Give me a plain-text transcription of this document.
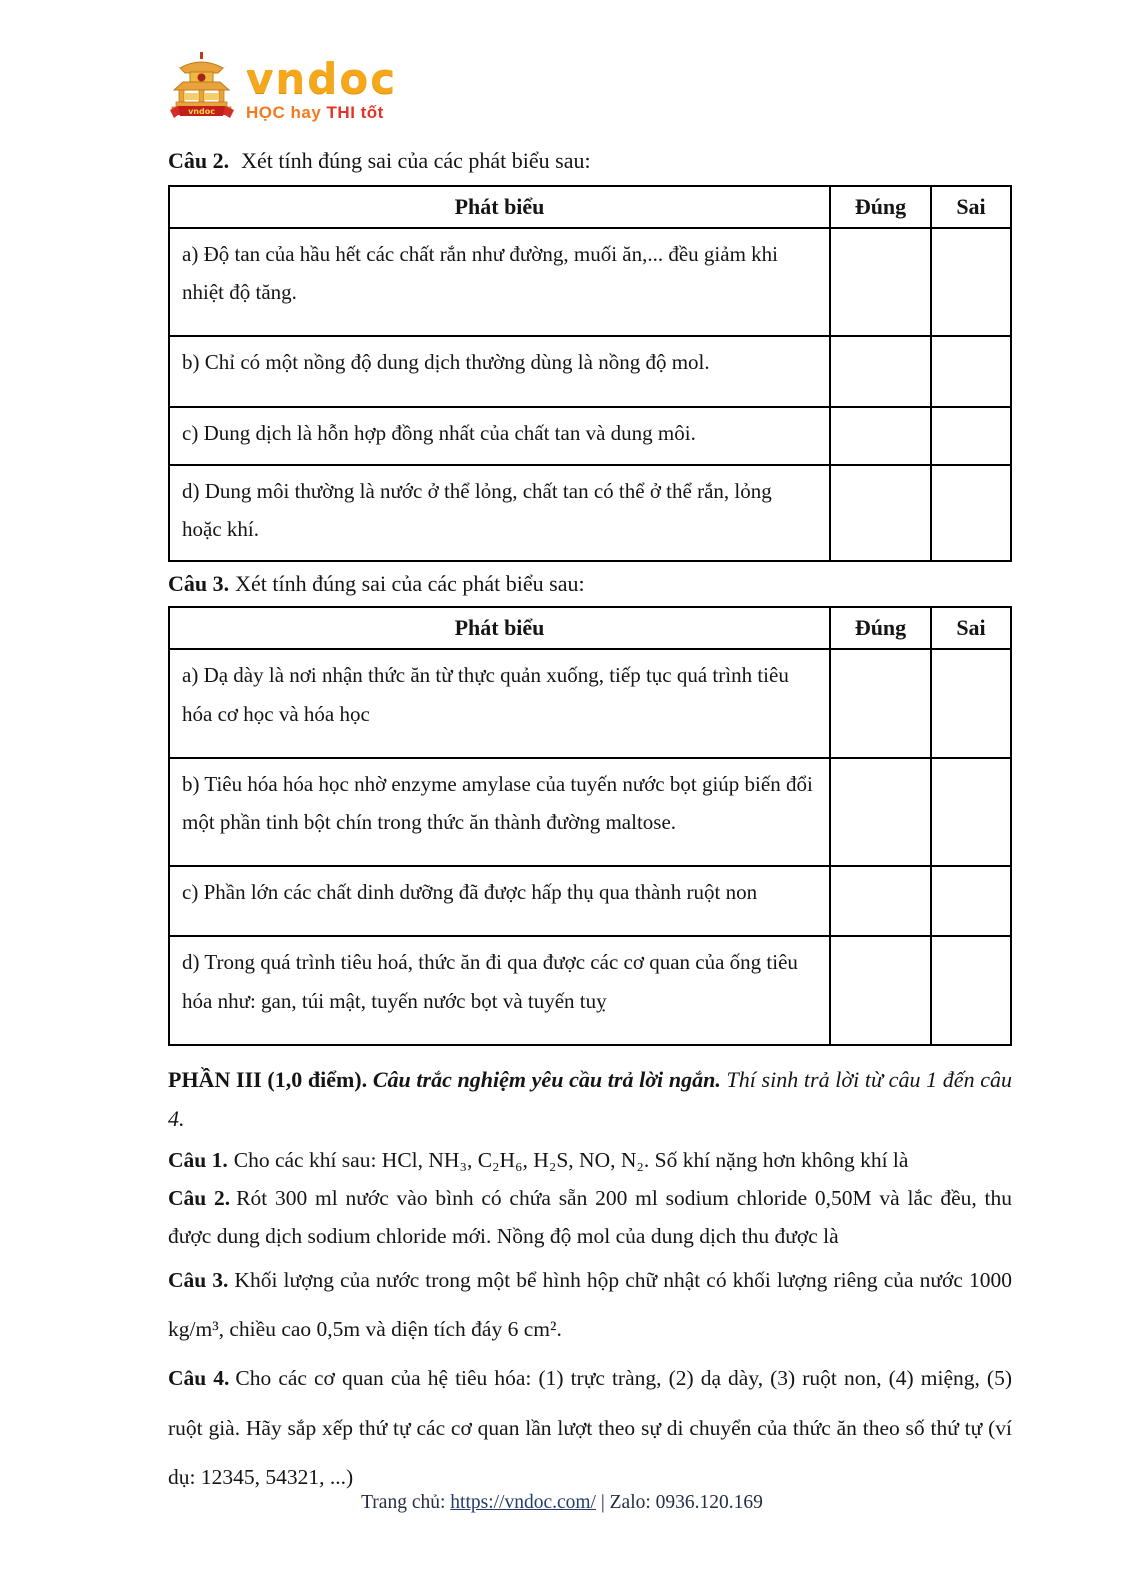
vndoc
vndoc
HỌC hay THI tốt

Câu 2. Xét tính đúng sai của các phát biểu sau:

Phát biểu	Đúng	Sai
a) Độ tan của hầu hết các chất rắn như đường, muối ăn,... đều giảm khi nhiệt độ tăng.		
b) Chỉ có một nồng độ dung dịch thường dùng là nồng độ mol.		
c) Dung dịch là hỗn hợp đồng nhất của chất tan và dung môi.		
d) Dung môi thường là nước ở thể lỏng, chất tan có thể ở thể rắn, lỏng hoặc khí.		

Câu 3. Xét tính đúng sai của các phát biểu sau:

Phát biểu	Đúng	Sai
a) Dạ dày là nơi nhận thức ăn từ thực quản xuống, tiếp tục quá trình tiêu hóa cơ học và hóa học		
b) Tiêu hóa hóa học nhờ enzyme amylase của tuyến nước bọt giúp biến đổi một phần tinh bột chín trong thức ăn thành đường maltose.		
c) Phần lớn các chất dinh dưỡng đã được hấp thụ qua thành ruột non		
d) Trong quá trình tiêu hoá, thức ăn đi qua được các cơ quan của ống tiêu hóa như: gan, túi mật, tuyến nước bọt và tuyến tuỵ		

PHẦN III (1,0 điểm). Câu trắc nghiệm yêu cầu trả lời ngắn. Thí sinh trả lời từ câu 1 đến câu 4.

Câu 1. Cho các khí sau: HCl, NH₃, C₂H₆, H₂S, NO, N₂. Số khí nặng hơn không khí là

Câu 2. Rót 300 ml nước vào bình có chứa sẵn 200 ml sodium chloride 0,50M và lắc đều, thu được dung dịch sodium chloride mới. Nồng độ mol của dung dịch thu được là

Câu 3. Khối lượng của nước trong một bể hình hộp chữ nhật có khối lượng riêng của nước 1000 kg/m³, chiều cao 0,5m và diện tích đáy 6 cm².

Câu 4. Cho các cơ quan của hệ tiêu hóa: (1) trực tràng, (2) dạ dày, (3) ruột non, (4) miệng, (5) ruột già. Hãy sắp xếp thứ tự các cơ quan lần lượt theo sự di chuyển của thức ăn theo số thứ tự (ví dụ: 12345, 54321, ...)

Trang chủ: https://vndoc.com/ | Zalo: 0936.120.169
